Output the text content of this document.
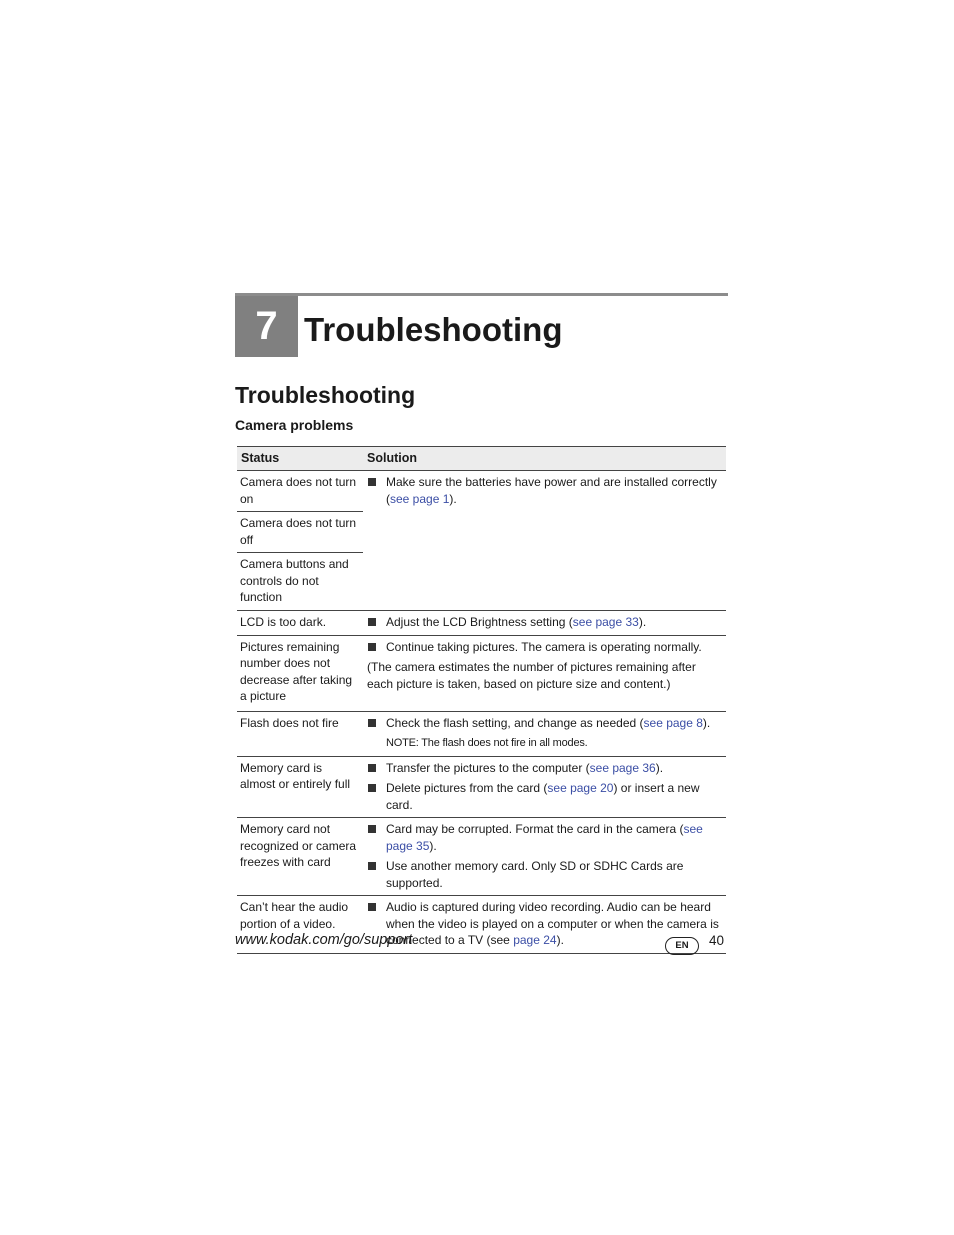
7 Troubleshooting
Troubleshooting
Camera problems
Status	Solution
Camera does not turn on	Make sure the batteries have power and are installed correctly (see page 1).

Camera does not turn off	
Camera buttons and controls do not function	
LCD is too dark.	Adjust the LCD Brightness setting (see page 33).

Pictures remaining number does not decrease after taking a picture	Continue taking pictures. The camera is operating normally.
(The camera estimates the number of pictures remaining after each picture is taken, based on picture size and content.)

Flash does not fire	Check the flash setting, and change as needed (see page 8).
NOTE: The flash does not fire in all modes.

Memory card is almost or entirely full	Transfer the pictures to the computer (see page 36).
Delete pictures from the card (see page 20) or insert a new card.

Memory card not recognized or camera freezes with card	Card may be corrupted. Format the card in the camera (see page 35).
Use another memory card. Only SD or SDHC Cards are supported.

Can’t hear the audio portion of a video.	Audio is captured during video recording. Audio can be heard when the video is played on a computer or when the camera is connected to a TV (see page 24).
www.kodak.com/go/support	EN	40
